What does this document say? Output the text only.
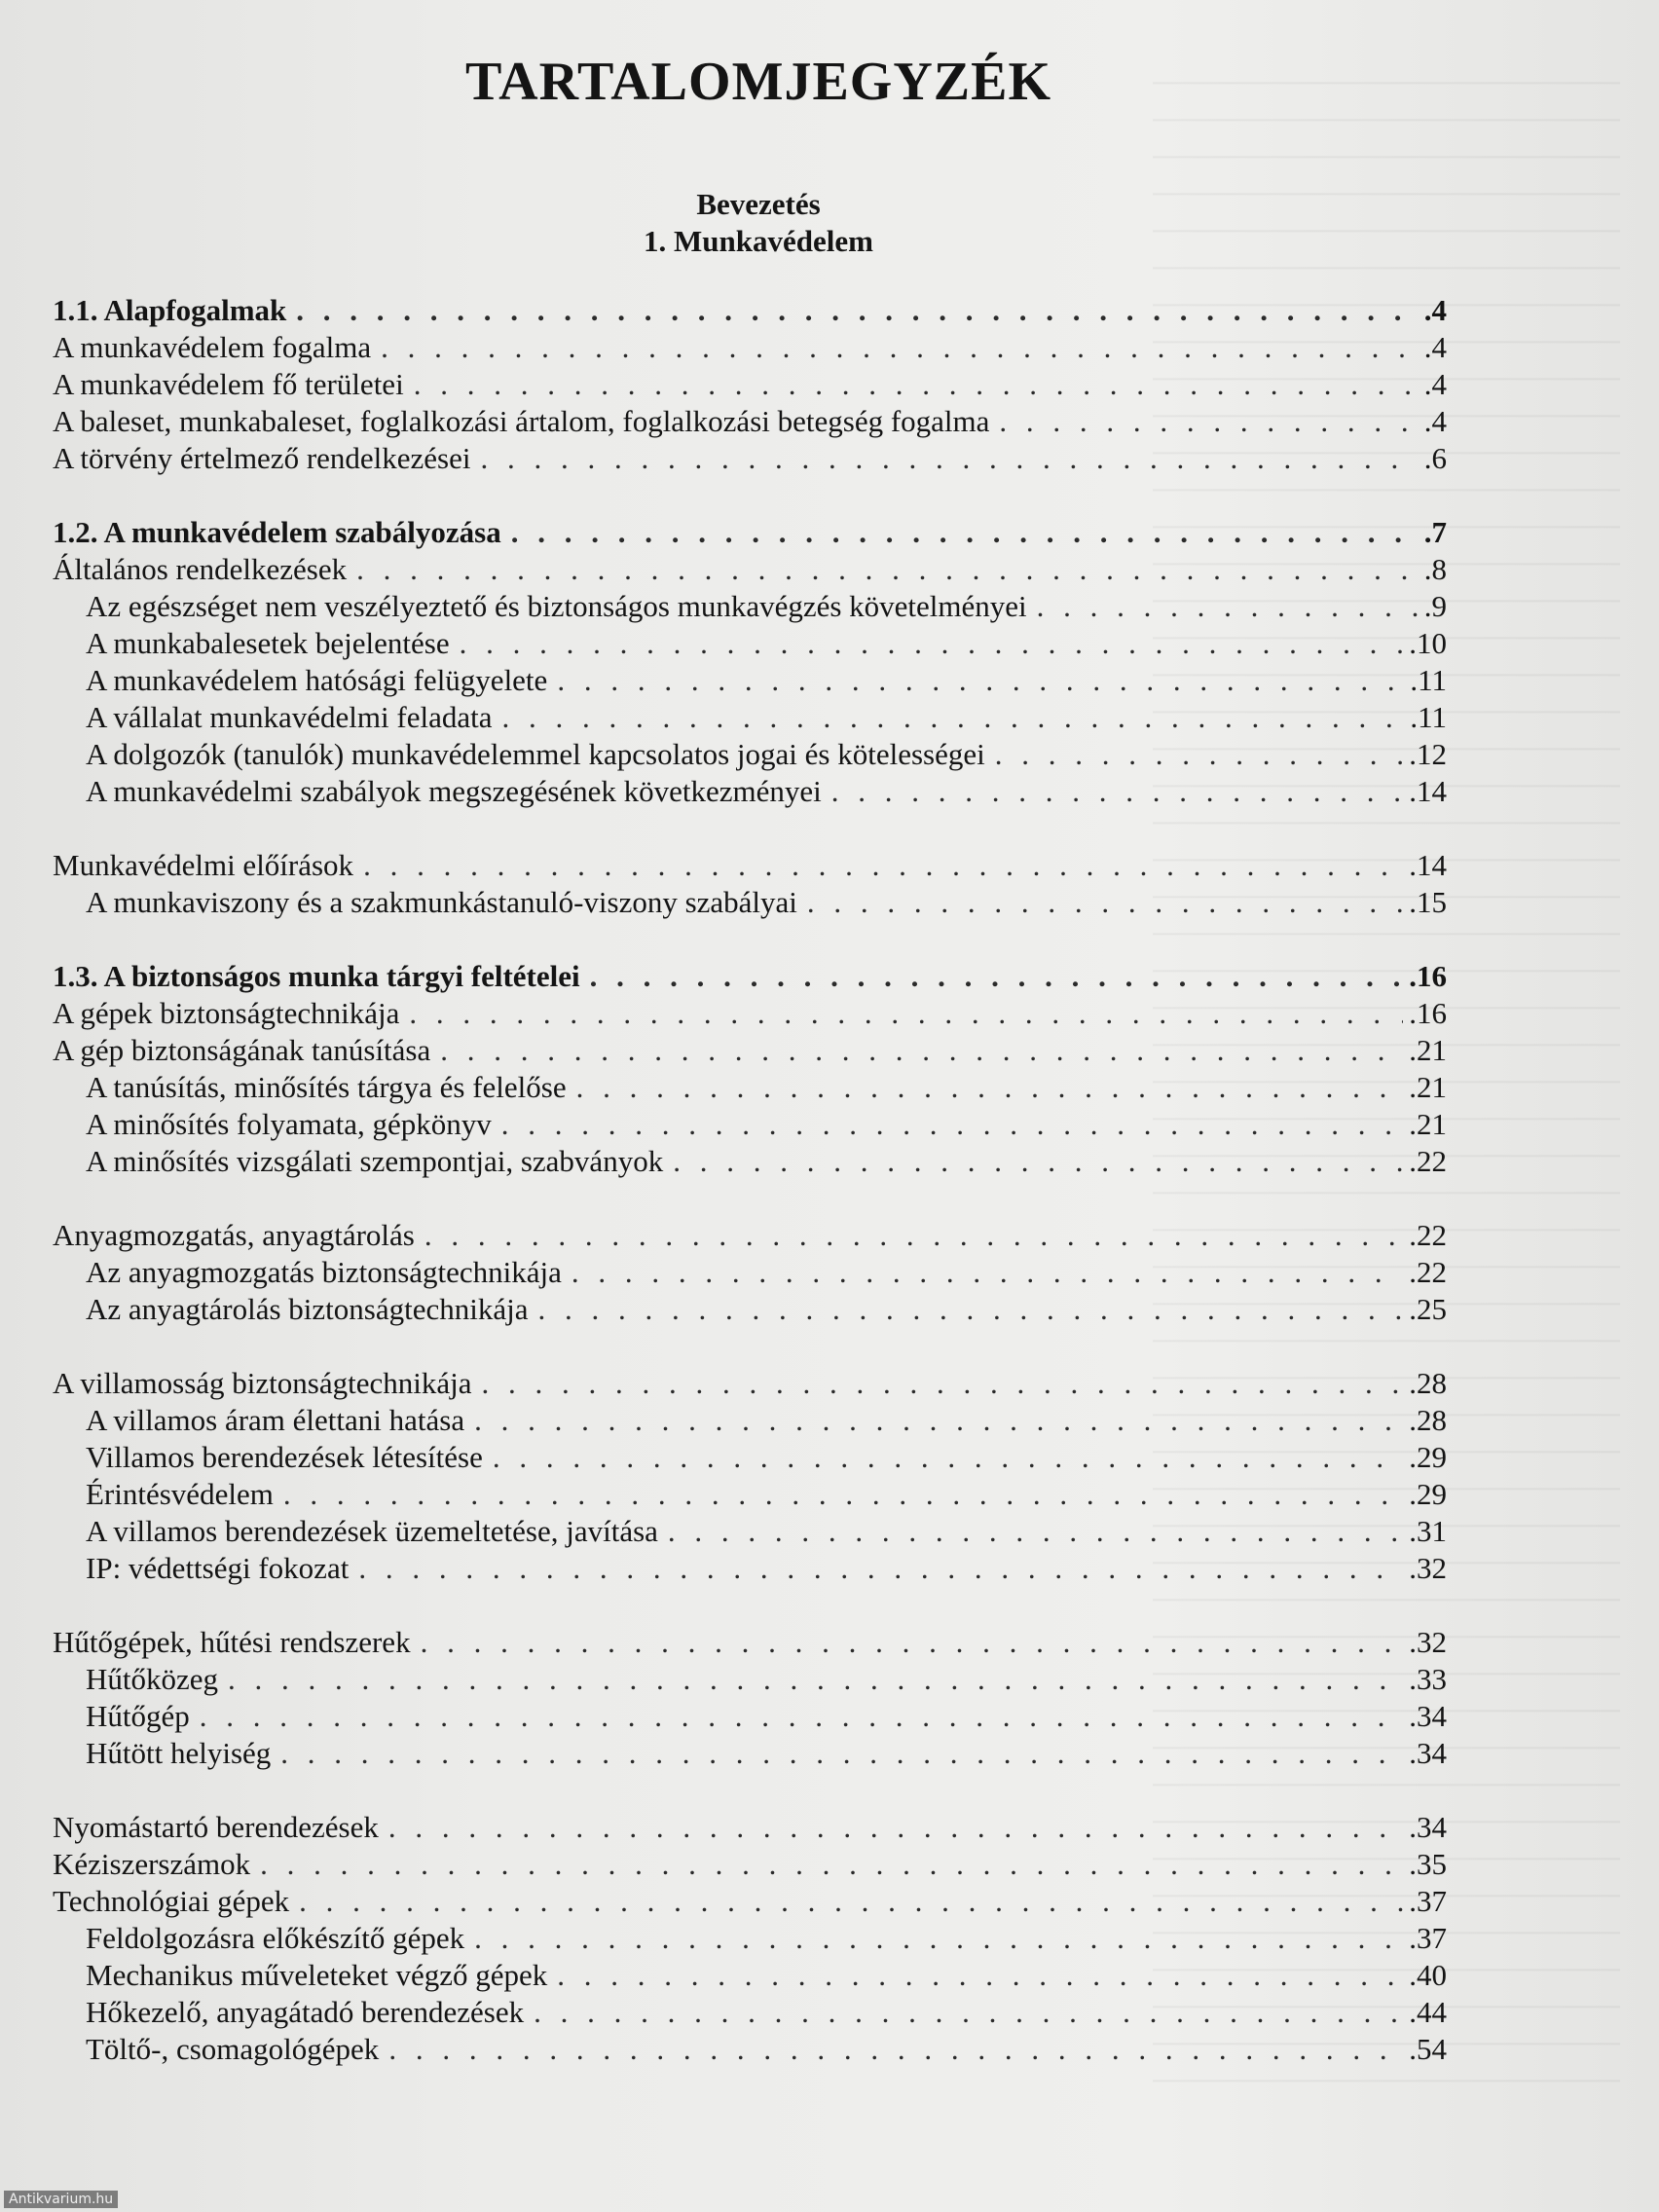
TARTALOMJEGYZÉK
Bevezetés
1. Munkavédelem
1.1. Alapfogalmak . . .	.4
A munkavédelem fogalma . . .	.4
A munkavédelem fő területei . . .	.4
A baleset, munkabaleset, foglalkozási ártalom, foglalkozási betegség fogalma . . .	.4
A törvény értelmező rendelkezései . . .	.6
1.2. A munkavédelem szabályozása . . .	.7
Általános rendelkezések . . .	.8
Az egészséget nem veszélyeztető és biztonságos munkavégzés követelményei . . .	.9
A munkabalesetek bejelentése . . .	.10
A munkavédelem hatósági felügyelete . . .	.11
A vállalat munkavédelmi feladata . . .	.11
A dolgozók (tanulók) munkavédelemmel kapcsolatos jogai és kötelességei . . .	.12
A munkavédelmi szabályok megszegésének következményei . . .	.14
Munkavédelmi előírások . . .	.14
A munkaviszony és a szakmunkástanuló-viszony szabályai . . .	.15
1.3. A biztonságos munka tárgyi feltételei . . .	.16
A gépek biztonságtechnikája . . .	.16
A gép biztonságának tanúsítása . . .	.21
A tanúsítás, minősítés tárgya és felelőse . . .	.21
A minősítés folyamata, gépkönyv . . .	.21
A minősítés vizsgálati szempontjai, szabványok . . .	.22
Anyagmozgatás, anyagtárolás . . .	.22
Az anyagmozgatás biztonságtechnikája . . .	.22
Az anyagtárolás biztonságtechnikája . . .	.25
A villamosság biztonságtechnikája . . .	.28
A villamos áram élettani hatása . . .	.28
Villamos berendezések létesítése . . .	.29
Érintésvédelem . . .	.29
A villamos berendezések üzemeltetése, javítása . . .	.31
IP: védettségi fokozat . . .	.32
Hűtőgépek, hűtési rendszerek . . .	.32
Hűtőközeg . . .	.33
Hűtőgép . . .	.34
Hűtött helyiség . . .	.34
Nyomástartó berendezések . . .	.34
Kéziszerszámok . . .	.35
Technológiai gépek . . .	.37
Feldolgozásra előkészítő gépek . . .	.37
Mechanikus műveleteket végző gépek . . .	.40
Hőkezelő, anyagátadó berendezések . . .	.44
Töltő-, csomagológépek . . .	.54
Antikvarium.hu
